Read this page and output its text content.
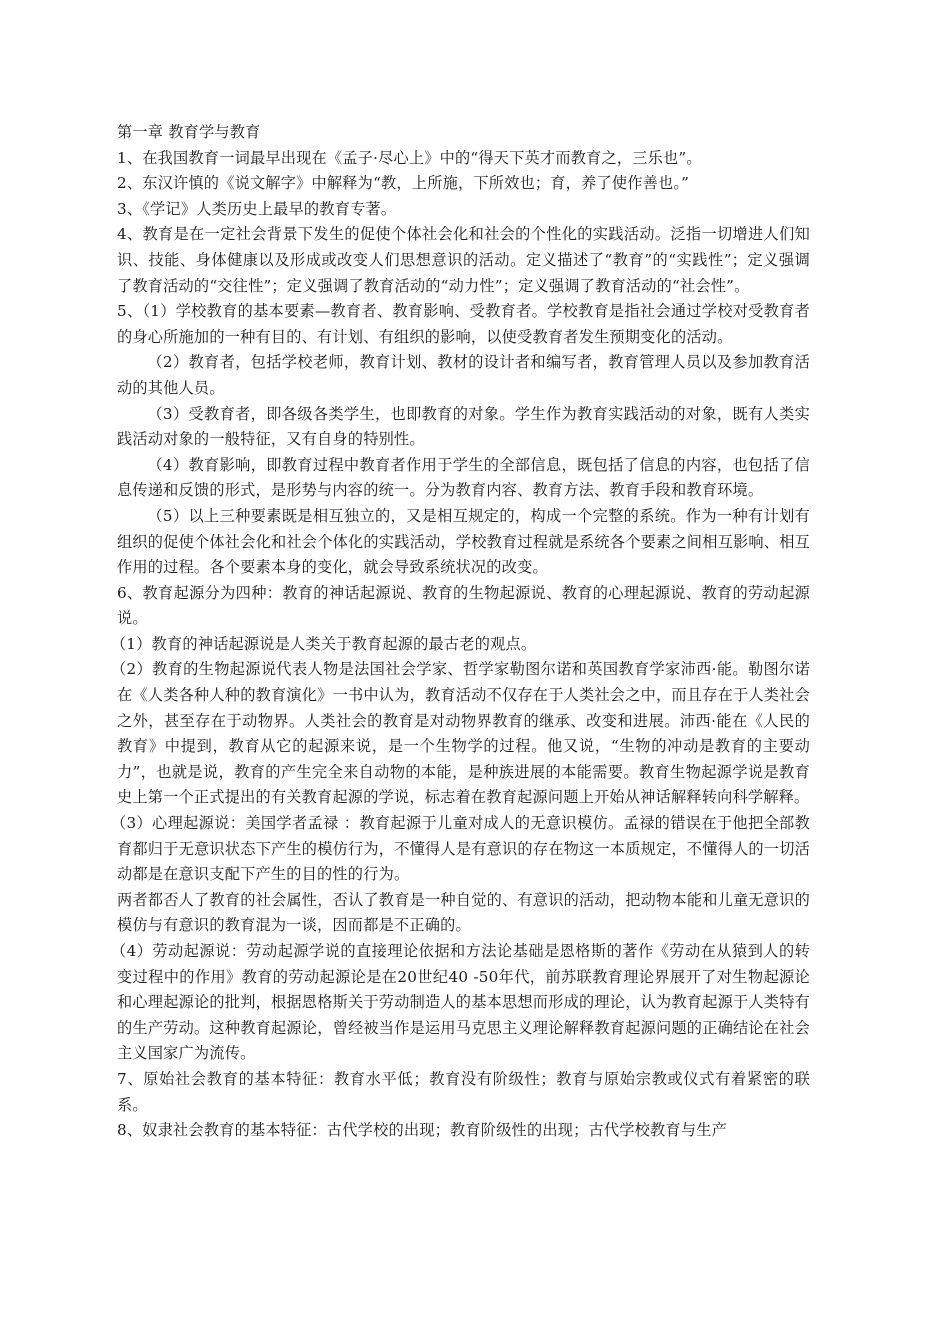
第一章 教育学与教育

1、在我国教育一词最早出现在《孟子·尽心上》中的“得天下英才而教育之，三乐也”。

2、东汉许慎的《说文解字》中解释为“教，上所施，下所效也；育，养了使作善也。”

3、《学记》人类历史上最早的教育专著。

4、教育是在一定社会背景下发生的促使个体社会化和社会的个性化的实践活动。泛指一切增进人们知识、技能、身体健康以及形成或改变人们思想意识的活动。定义描述了“教育”的“实践性”；定义强调了教育活动的“交往性”；定义强调了教育活动的“动力性”；定义强调了教育活动的“社会性”。

5、（1）学校教育的基本要素—教育者、教育影响、受教育者。学校教育是指社会通过学校对受教育者的身心所施加的一种有目的、有计划、有组织的影响，以使受教育者发生预期变化的活动。

（2）教育者，包括学校老师，教育计划、教材的设计者和编写者，教育管理人员以及参加教育活动的其他人员。

（3）受教育者，即各级各类学生，也即教育的对象。学生作为教育实践活动的对象，既有人类实践活动对象的一般特征，又有自身的特别性。

（4）教育影响，即教育过程中教育者作用于学生的全部信息，既包括了信息的内容，也包括了信息传递和反馈的形式，是形势与内容的统一。分为教育内容、教育方法、教育手段和教育环境。

（5）以上三种要素既是相互独立的，又是相互规定的，构成一个完整的系统。作为一种有计划有组织的促使个体社会化和社会个体化的实践活动，学校教育过程就是系统各个要素之间相互影响、相互作用的过程。各个要素本身的变化，就会导致系统状况的改变。

6、教育起源分为四种：教育的神话起源说、教育的生物起源说、教育的心理起源说、教育的劳动起源说。

（1）教育的神话起源说是人类关于教育起源的最古老的观点。

（2）教育的生物起源说代表人物是法国社会学家、哲学家勒图尔诺和英国教育学家沛西·能。勒图尔诺在《人类各种人种的教育演化》一书中认为，教育活动不仅存在于人类社会之中，而且存在于人类社会之外，甚至存在于动物界。人类社会的教育是对动物界教育的继承、改变和进展。沛西·能在《人民的教育》中提到，教育从它的起源来说，是一个生物学的过程。他又说，“生物的冲动是教育的主要动力”，也就是说，教育的产生完全来自动物的本能，是种族进展的本能需要。教育生物起源学说是教育史上第一个正式提出的有关教育起源的学说，标志着在教育起源问题上开始从神话解释转向科学解释。

（3）心理起源说：美国学者孟禄 ：教育起源于儿童对成人的无意识模仿。孟禄的错误在于他把全部教育都归于无意识状态下产生的模仿行为，不懂得人是有意识的存在物这一本质规定，不懂得人的一切活动都是在意识支配下产生的目的性的行为。

两者都否人了教育的社会属性，否认了教育是一种自觉的、有意识的活动，把动物本能和儿童无意识的模仿与有意识的教育混为一谈，因而都是不正确的。

（4）劳动起源说：劳动起源学说的直接理论依据和方法论基础是恩格斯的著作《劳动在从猿到人的转变过程中的作用》教育的劳动起源论是在20世纪40 -50年代，前苏联教育理论界展开了对生物起源论和心理起源论的批判，根据恩格斯关于劳动制造人的基本思想而形成的理论，认为教育起源于人类特有的生产劳动。这种教育起源论，曾经被当作是运用马克思主义理论解释教育起源问题的正确结论在社会主义国家广为流传。

7、原始社会教育的基本特征：教育水平低；教育没有阶级性；教育与原始宗教或仪式有着紧密的联系。

8、奴隶社会教育的基本特征：古代学校的出现；教育阶级性的出现；古代学校教育与生产
